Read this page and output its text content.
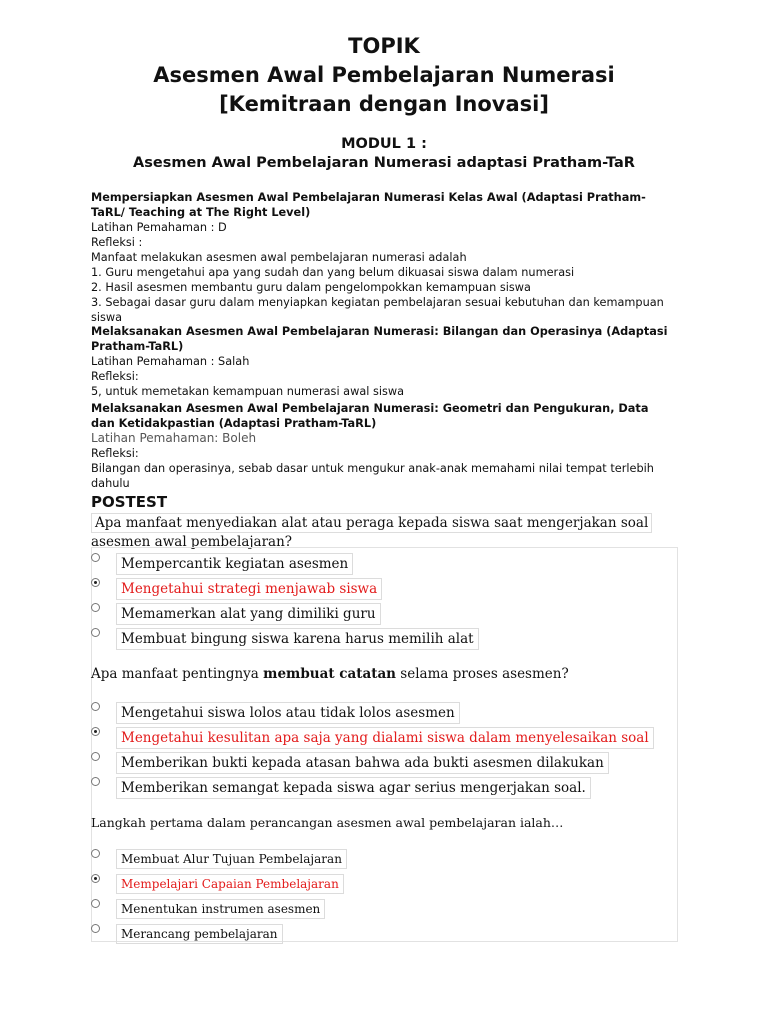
TOPIK
Asesmen Awal Pembelajaran Numerasi
[Kemitraan dengan Inovasi]
MODUL 1 :
Asesmen Awal Pembelajaran Numerasi adaptasi Pratham-TaR
Mempersiapkan Asesmen Awal Pembelajaran Numerasi Kelas Awal (Adaptasi Pratham-TaRL/ Teaching at The Right Level)
Latihan Pemahaman : D
Refleksi :
Manfaat melakukan asesmen awal pembelajaran numerasi adalah
1. Guru mengetahui apa yang sudah dan yang belum dikuasai siswa dalam numerasi
2. Hasil asesmen membantu guru dalam pengelompokkan kemampuan siswa
3. Sebagai dasar guru dalam menyiapkan kegiatan pembelajaran sesuai kebutuhan dan kemampuan siswa
Melaksanakan Asesmen Awal Pembelajaran Numerasi: Bilangan dan Operasinya (Adaptasi Pratham-TaRL)
Latihan Pemahaman : Salah
Refleksi:
5, untuk memetakan kemampuan numerasi awal siswa
Melaksanakan Asesmen Awal Pembelajaran Numerasi: Geometri dan Pengukuran, Data dan Ketidakpastian (Adaptasi Pratham-TaRL)
Latihan Pemahaman: Boleh
Refleksi:
Bilangan dan operasinya, sebab dasar untuk mengukur anak-anak memahami nilai tempat terlebih dahulu
POSTEST
Apa manfaat menyediakan alat atau peraga kepada siswa saat mengerjakan soal
asesmen awal pembelajaran?
Mempercantik kegiatan asesmen
Mengetahui strategi menjawab siswa
Memamerkan alat yang dimiliki guru
Membuat bingung siswa karena harus memilih alat
Apa manfaat pentingnya membuat catatan selama proses asesmen?
Mengetahui siswa lolos atau tidak lolos asesmen
Mengetahui kesulitan apa saja yang dialami siswa dalam menyelesaikan soal
Memberikan bukti kepada atasan bahwa ada bukti asesmen dilakukan
Memberikan semangat kepada siswa agar serius mengerjakan soal.
Langkah pertama dalam perancangan asesmen awal pembelajaran ialah…
Membuat Alur Tujuan Pembelajaran
Mempelajari Capaian Pembelajaran
Menentukan instrumen asesmen
Merancang pembelajaran
